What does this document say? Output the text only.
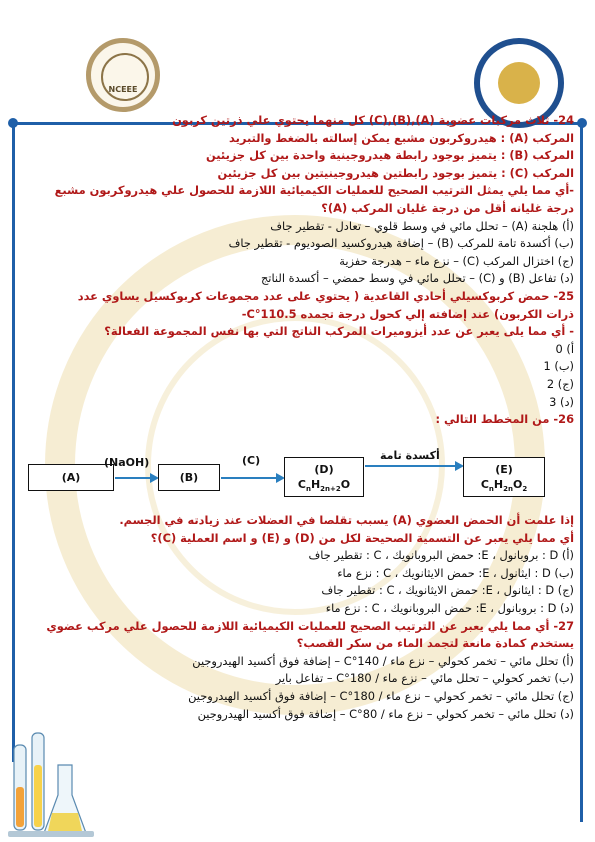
NCEEE

24- ثلاث مركبات عضوية (A),(B),(C) كل منهما يحتوي علي ذرتين كربون

المركب (A) : هيدروكربون مشبع يمكن إسالته بالضغط والتبريد

المركب (B) : يتميز بوجود رابطة هيدروجينية واحدة بين كل جزيئين

المركب (C) : يتميز بوجود رابطتين هيدروجينيتين بين كل جزيئين

-أي مما يلي يمثل الترتيب الصحيح للعمليات الكيميائية اللازمة للحصول علي هيدروكربون مشبع

درجة غليانه أقل من درجة غليان المركب (A)؟

(أ) هلجنة (A) – تحلل مائي في وسط قلوي – تعادل - تقطير جاف

(ب) أكسدة تامة للمركب (B) – إضافة هيدروكسيد الصوديوم - تقطير جاف

(ج) اختزال المركب (C) – نزع ماء – هدرجة حفزية

(د) تفاعل (B) و (C) – تحلل مائي في وسط حمضي – أكسدة الناتج

25- حمض كربوكسيلي أحادي القاعدية ( يحتوي على عدد مجموعات كربوكسيل يساوي عدد

ذرات الكربون) عند إضافته إلي كحول درجة تجمده 110.5°C-

- أي مما يلى يعبر عن عدد أيزوميرات المركب الناتج التي بها نفس المجموعة الفعالة؟

أ) 0

(ب) 1

(ج) 2

(د) 3

26- من المخطط التالي :

(A)
(NaOH)
(B)
(C)
(D)
$C_nH_{2n+2}O$
أكسدة تامة
(E)
$C_nH_{2n}O_2$

إذا علمت أن الحمض العضوي (A) يسبب تقلصا في العضلات عند زيادته في الجسم.

أي مما يلي يعبر عن التسمية الصحيحة لكل من (D) و (E) و اسم العملية (C)؟

(أ) D : بروبانول ، E: حمض البروبانويك ، C : تقطير جاف

(ب) D : ايثانول ، E: حمض الايثانويك ، C : نزع ماء

(ج) D : ايثانول ، E: حمض الايثانويك ، C : تقطير جاف

(د) D : بروبانول ، E: حمض البروبانويك ، C : نزع ماء

27- أي مما يلي يعبر عن الترتيب الصحيح للعمليات الكيميائية اللازمة للحصول علي مركب عضوي

يستخدم كمادة مانعة لتجمد الماء من سكر القصب؟

(أ) تحلل مائي – تخمر كحولي – نزع ماء / 140°C – إضافة فوق أكسيد الهيدروجين

(ب) تخمر كحولي – تحلل مائي – نزع ماء / 180°C – تفاعل باير

(ج) تحلل مائي – تخمر كحولي – نزع ماء / 180°C – إضافة فوق أكسيد الهيدروجين

(د) تحلل مائي – تخمر كحولي – نزع ماء / 80°C – إضافة فوق أكسيد الهيدروجين
